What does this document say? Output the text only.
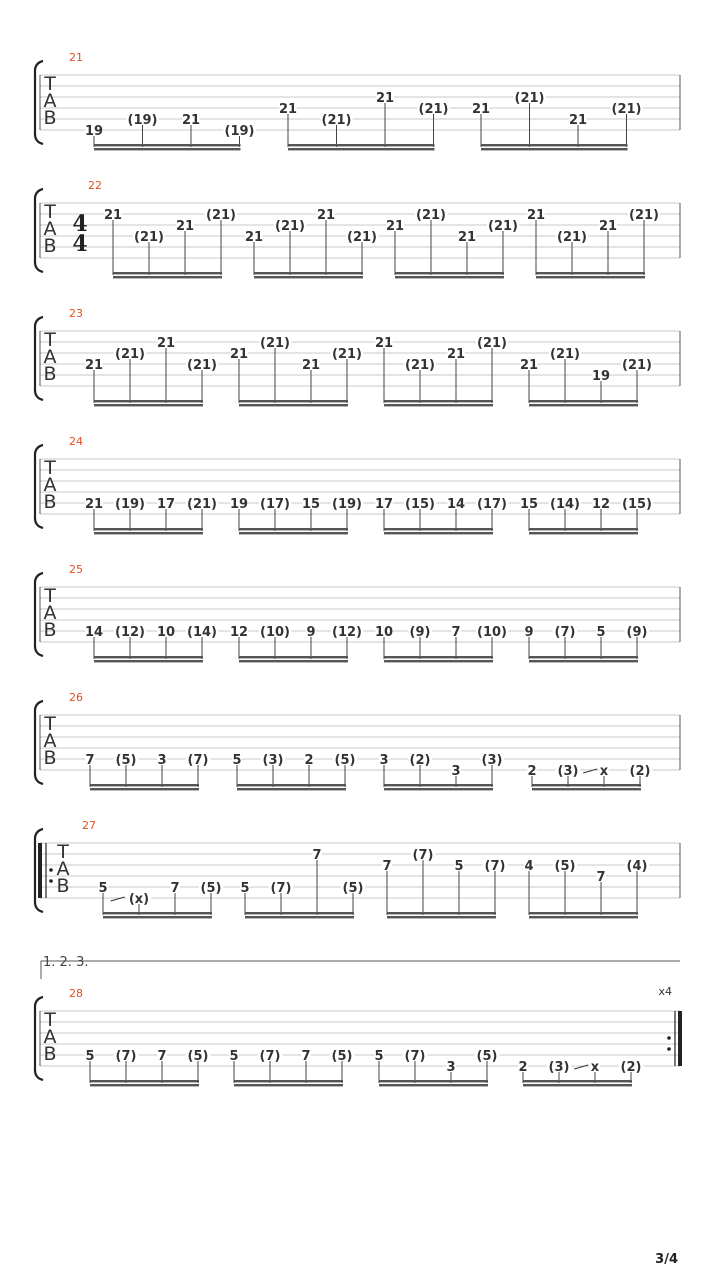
3/4
T
A
B
21
19
(19) 21
(19)
21
(21)
21
(21) 21
(21)
21
(21)
T
A
B
22
4
4
21
(21)
21
(21)
21
(21)
21
(21)
21
(21)
21
(21)
21
(21)
21
(21)
T
A
B
23
21
(21)
21
(21)
21
(21)
21
(21)
21
(21)
21
(21)
21
(21)
19
(21)
T
A
B
24
21 (19) 17 (21) 19 (17) 15 (19) 17 (15) 14 (17) 15 (14) 12 (15)
T
A
B
25
14 (12) 10 (14) 12 (10) 9 (12) 10 (9) 7 (10) 9 (7) 5 (9)
T
A
B
26
7 (5) 3 (7) 5 (3) 2 (5) 3 (2)
3
(3)
2 (3) x (2)
T
A
B
27
5
(x)
7 (5) 5 (7)
7
(5)
7
(7)
5 (7) 4 (5)
7
(4)
T
A
B
28	x4
1. 2. 3.
5 (7) 7 (5) 5 (7) 7 (5) 5 (7)
3
(5)
2 (3) x (2)
